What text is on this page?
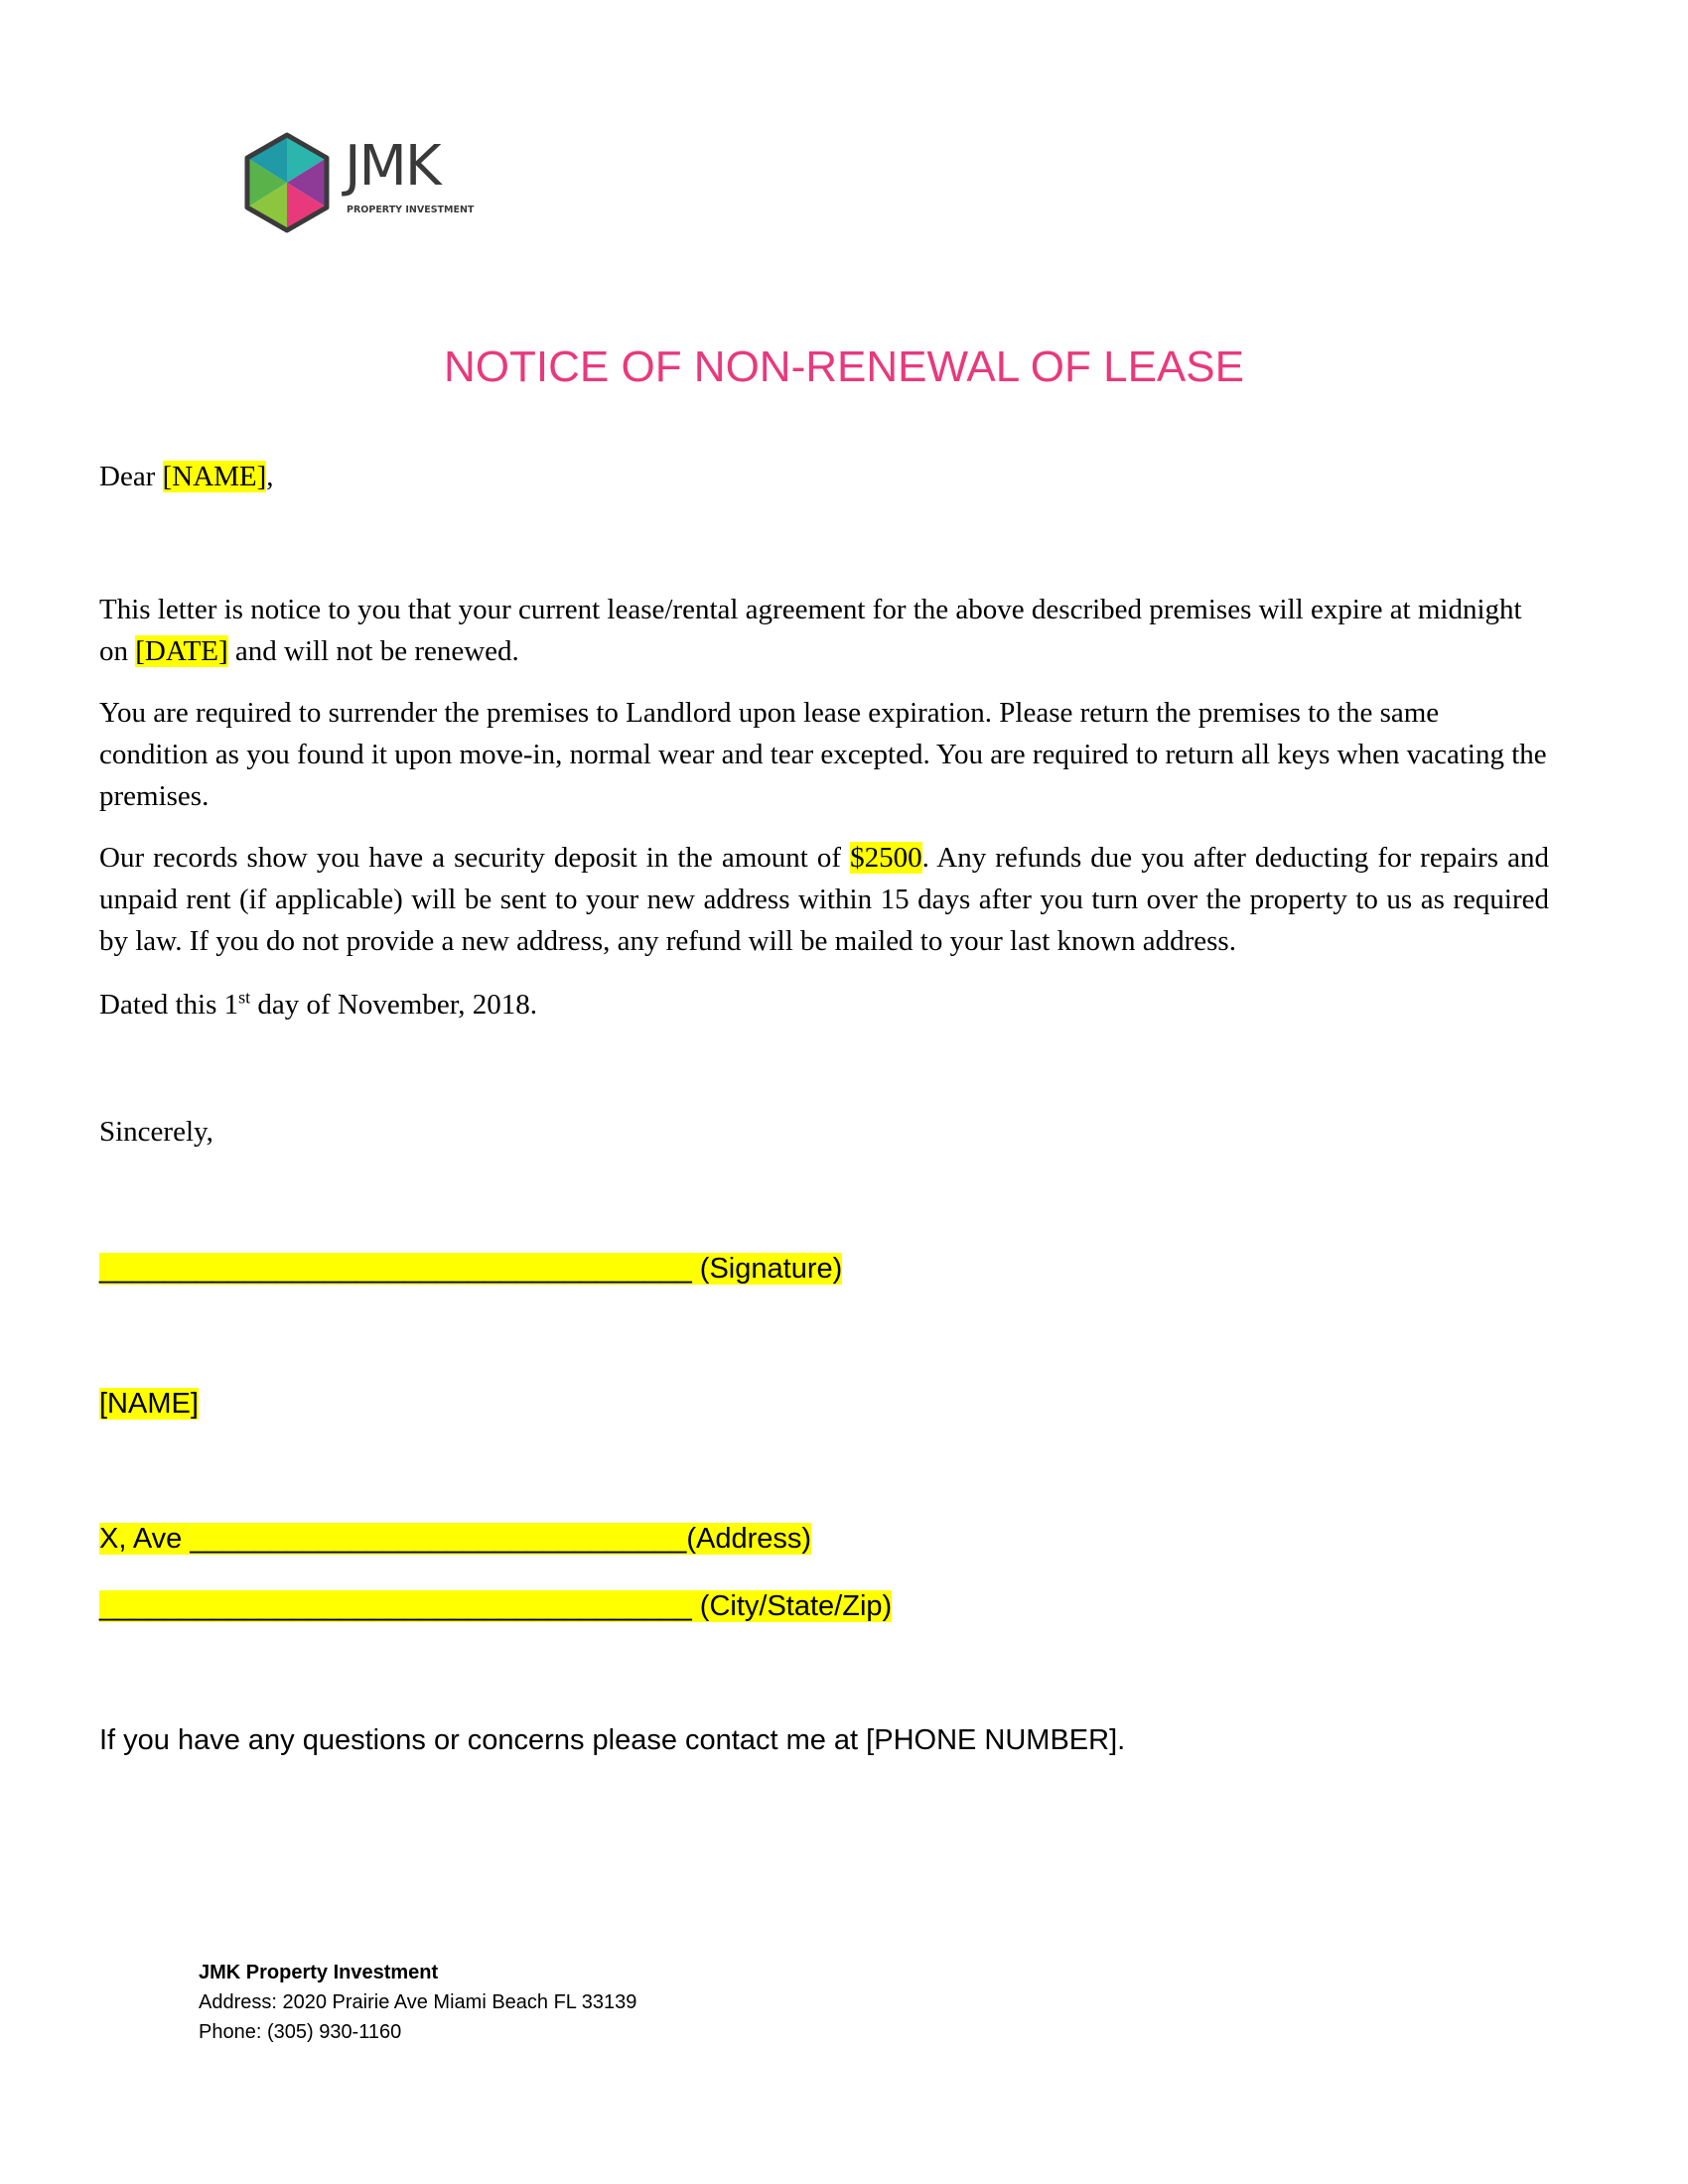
JMK
PROPERTY INVESTMENT
NOTICE OF NON-RENEWAL OF LEASE

Dear [NAME],

This letter is notice to you that your current lease/rental agreement for the above described premises will expire at midnight on [DATE] and will not be renewed.

You are required to surrender the premises to Landlord upon lease expiration. Please return the premises to the same condition as you found it upon move-in, normal wear and tear excepted. You are required to return all keys when vacating the premises.

Our records show you have a security deposit in the amount of $2500. Any refunds due you after deducting for repairs and unpaid rent (if applicable) will be sent to your new address within 15 days after you turn over the property to us as required by law. If you do not provide a new address, any refund will be mailed to your last known address.

Dated this 1st day of November, 2018.

Sincerely,

_____________________________________ (Signature)
[NAME]
X, Ave _______________________________(Address)
_____________________________________ (City/State/Zip)
If you have any questions or concerns please contact me at [PHONE NUMBER].
JMK Property Investment
Address: 2020 Prairie Ave Miami Beach FL 33139
Phone: (305) 930-1160
